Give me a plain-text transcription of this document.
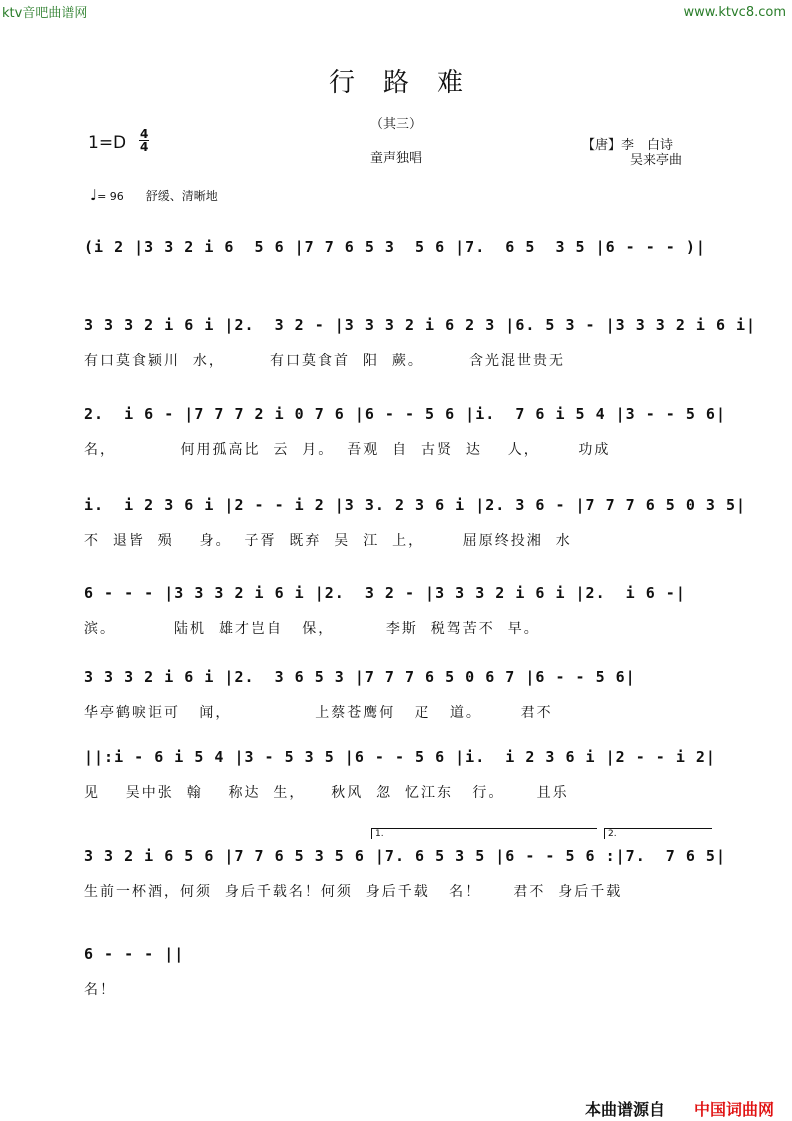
ktv音吧曲谱网	www.ktvc8.com
行路难
（其三）
1=D 4
4
童声独唱
【唐】李　白诗
吴来亭曲
♩= 96 舒缓、清晰地
(i 2 |3 3 2 i 6  5 6 |7 7 6 5 3  5 6 |7.  6 5  3 5 |6 - - - )|
3 3 3 2 i 6 i |2.  3 2 - |3 3 3 2 i 6 2 3 |6. 5 3 - |3 3 3 2 i 6 i|
有口莫食颍川  水，       有口莫食首  阳  蕨。       含光混世贵无
2.  i 6 - |7 7 7 2 i 0 7 6 |6 - - 5 6 |i.  7 6 i 5 4 |3 - - 5 6|
名，          何用孤高比  云  月。  吾观  自  古贤  达    人，      功成
i.  i 2 3 6 i |2 - - i 2 |3 3. 2 3 6 i |2. 3 6 - |7 7 7 6 5 0 3 5|
不  退皆  殒    身。  子胥  既弃  吴  江  上，      屈原终投湘  水
6 - - - |3 3 3 2 i 6 i |2.  3 2 - |3 3 3 2 i 6 i |2.  i 6 -|
滨。         陆机  雄才岂自   保，        李斯  税驾苦不  早。
3 3 3 2 i 6 i |2.  3 6 5 3 |7 7 7 6 5 0 6 7 |6 - - 5 6|
华亭鹤唳讵可   闻，             上蔡苍鹰何   疋   道。      君不
||:i - 6 i 5 4 |3 - 5 3 5 |6 - - 5 6 |i.  i 2 3 6 i |2 - - i 2|
见    吴中张  翰    称达  生，    秋风  忽  忆江东   行。     且乐
1.	2.
3 3 2 i 6 5 6 |7 7 6 5 3 5 6 |7. 6 5 3 5 |6 - - 5 6 :|7.  7 6 5|
生前一杯酒，何须  身后千载名！何须  身后千载   名！     君不  身后千载
6 - - - ||
名！
本曲谱源自 中国词曲网
